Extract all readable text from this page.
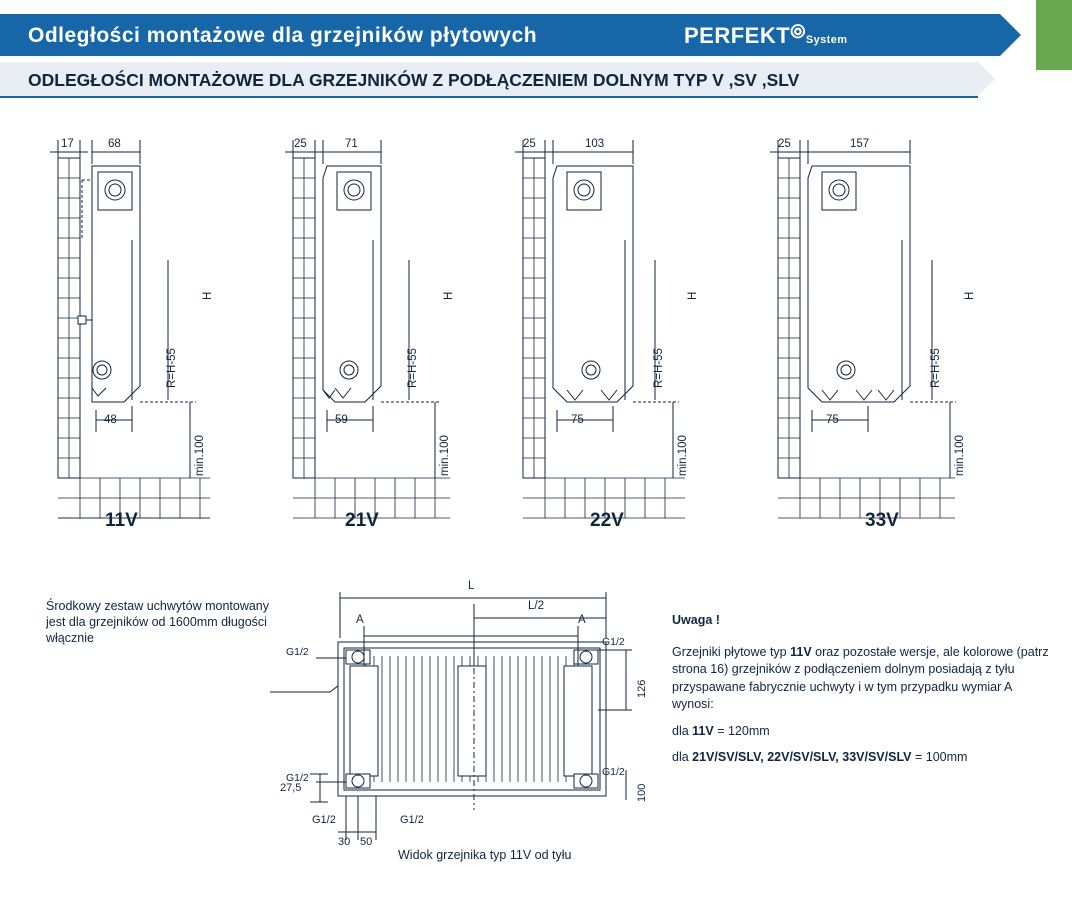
Odległości montażowe dla grzejników płytowych	PERFEKT⦾System
ODLEGŁOŚCI MONTAŻOWE DLA GRZEJNIKÓW Z PODŁĄCZENIEM DOLNYM TYP V ,SV ,SLV
17	68
R=H-55
H
48
min.100
11V
25	71
R=H-55
H
59
min.100
21V
25	103
R=H-55
H
75
min.100
22V
25	157
R=H-55
H
75
min.100
33V
Środkowy zestaw uchwytów montowany jest dla grzejników od 1600mm długości włącznie
L
L/2
A	A
G1/2
G1/2
G1/2	G1/2
126
100
27,5
30 50
G1/2	G1/2
Widok grzejnika typ 11V od tyłu
Uwaga !

Grzejniki płytowe typ 11V oraz pozostałe wersje, ale kolorowe (patrz strona 16) grzejników z podłączeniem dolnym posiadają z tyłu przyspawane fabrycznie uchwyty i w tym przypadku wymiar A wynosi:

dla 11V = 120mm

dla 21V/SV/SLV, 22V/SV/SLV, 33V/SV/SLV = 100mm
